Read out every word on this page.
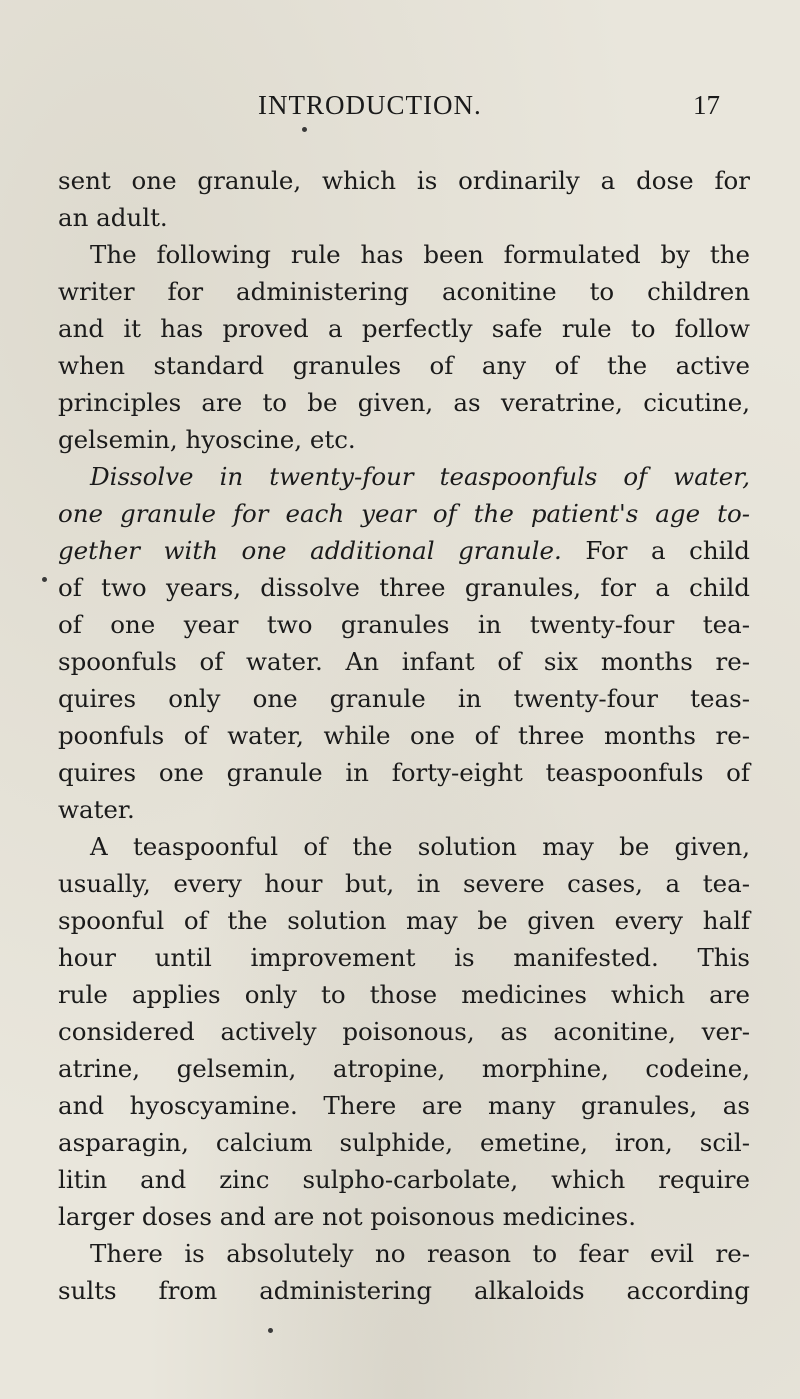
INTRODUCTION.	17
sent one granule, which is ordinarily a dose for
an adult.
The following rule has been formulated by the
writer for administering aconitine to children
and it has proved a perfectly safe rule to follow
when standard granules of any of the active
principles are to be given, as veratrine, cicutine,
gelsemin, hyoscine, etc.
Dissolve in twenty-four teaspoonfuls of water,
one granule for each year of the patient's age to-
gether with one additional granule. For a child
of two years, dissolve three granules, for a child
of one year two granules in twenty-four tea-
spoonfuls of water. An infant of six months re-
quires only one granule in twenty-four teas-
poonfuls of water, while one of three months re-
quires one granule in forty-eight teaspoonfuls of
water.
A teaspoonful of the solution may be given,
usually, every hour but, in severe cases, a tea-
spoonful of the solution may be given every half
hour until improvement is manifested. This
rule applies only to those medicines which are
considered actively poisonous, as aconitine, ver-
atrine, gelsemin, atropine, morphine, codeine,
and hyoscyamine. There are many granules, as
asparagin, calcium sulphide, emetine, iron, scil-
litin and zinc sulpho-carbolate, which require
larger doses and are not poisonous medicines.
There is absolutely no reason to fear evil re-
sults from administering alkaloids according
